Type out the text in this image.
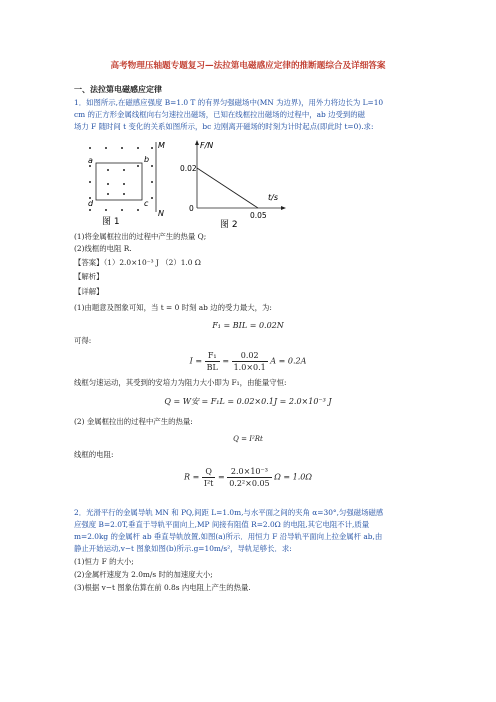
高考物理压轴题专题复习—法拉第电磁感应定律的推断题综合及详细答案
一、法拉第电磁感应定律
1．如图所示,在磁感应强度 B=1.0 T 的有界匀强磁场中(MN 为边界)，用外力将边长为 L=10
cm 的正方形金属线框向右匀速拉出磁场，已知在线框拉出磁场的过程中，ab 边受到的磁
场力 F 随时间 t 变化的关系如图所示，bc 边刚离开磁场的时刻为计时起点(即此时 t=0).求:
M
N
a	b
c
d
图 1
F/N
t/s
0.02
0.05
0
图 2
(1)将金属框拉出的过程中产生的热量 Q;
(2)线框的电阻 R.
【答案】（1）2.0×10⁻³ J （2）1.0 Ω
【解析】
【详解】
(1)由题意及图象可知，当 t = 0 时刻 ab 边的受力最大，为:
F₁ = BIL = 0.02N
可得:
$I = \frac{\text{F₁}}{BL} = \frac{0.02}{1.0\times 0.1}$ A = 0.2A
线框匀速运动，其受到的安培力为阻力大小即为 F₁，由能量守恒:
Q = W安 = F₁L = 0.02×0.1J = 2.0×10⁻³ J
(2) 金属框拉出的过程中产生的热量:
Q = I²Rt
线框的电阻:
$R = \frac{Q}{\text{I²t}} = \frac{\text{2.0×10⁻³}}{\text{0.2²×0.05}}$ Ω = 1.0Ω
2．光滑平行的金属导轨 MN 和 PQ,间距 L=1.0m,与水平面之间的夹角 α=30°,匀强磁场磁感
应强度 B=2.0T,垂直于导轨平面向上,MP 间接有阻值 R=2.0Ω 的电阻,其它电阻不计,质量
m=2.0kg 的金属杆 ab 垂直导轨放置,如图(a)所示．用恒力 F 沿导轨平面向上拉金属杆 ab,由
静止开始运动,v−t 图象如图(b)所示.g=10m/s²，导轨足够长．求:
(1)恒力 F 的大小;
(2)金属杆速度为 2.0m/s 时的加速度大小;
(3)根据 v−t 图象估算在前 0.8s 内电阻上产生的热量.
